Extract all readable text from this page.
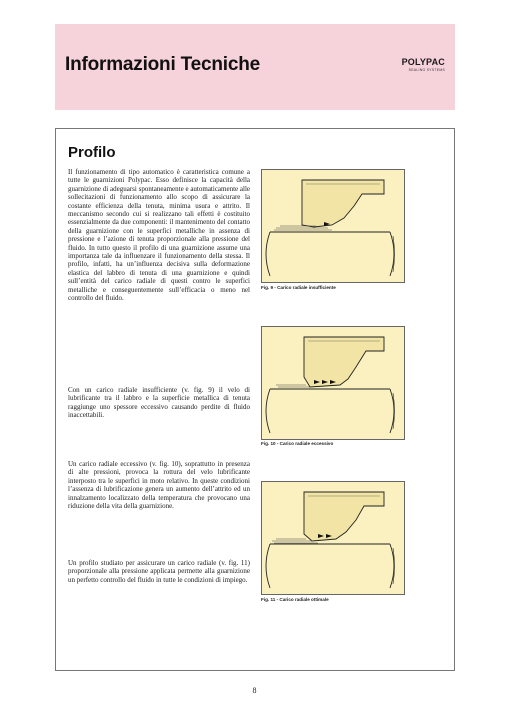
Informazioni Tecniche	POLYPAC
SEALING SYSTEMS
Profilo

Il funzionamento di tipo automatico è caratteristica comune a tutte le guarnizioni Polypac. Esso definisce la capacità della guarnizione di adeguarsi spontaneamente e automaticamente alle sollecitazioni di funzionamento allo scopo di assicurare la costante efficienza della tenuta, minima usura e attrito. Il meccanismo secondo cui si realizzano tali effetti è costituito essenzialmente da due componenti: il mantenimento del contatto della guarnizione con le superfici metalliche in assenza di pressione e l’azione di tenuta proporzionale alla pressione del fluido. In tutto questo il profilo di una guarnizione assume una importanza tale da influenzare il funzionamento della stessa. Il profilo, infatti, ha un’influenza decisiva sulla deformazione elastica del labbro di tenuta di una guarnizione e quindi sull’entità del carico radiale di questi contro le superfici metalliche e conseguentemente sull’efficacia o meno nel controllo del fluido.

Con un carico radiale insufficiente (v. fig. 9) il velo di lubrificante tra il labbro e la superficie metallica di tenuta raggiunge uno spessore eccessivo causando perdite di fluido inaccettabili.

Un carico radiale eccessivo (v. fig. 10), soprattutto in presenza di alte pressioni, provoca la rottura del velo lubrificante interposto tra le superfici in moto relativo. In queste condizioni l’assenza di lubrificazione genera un aumento dell’attrito ed un innalzamento localizzato della temperatura che provocano una riduzione della vita della guarnizione.

Un profilo studiato per assicurare un carico radiale (v. fig. 11) proporzionale alla pressione applicata permette alla guarnizione un perfetto controllo del fluido in tutte le condizioni di impiego.

Fig. 9 - Carico radiale insufficiente

Fig. 10 - Carico radiale eccessivo

Fig. 11 - Carico radiale ottimale

8
